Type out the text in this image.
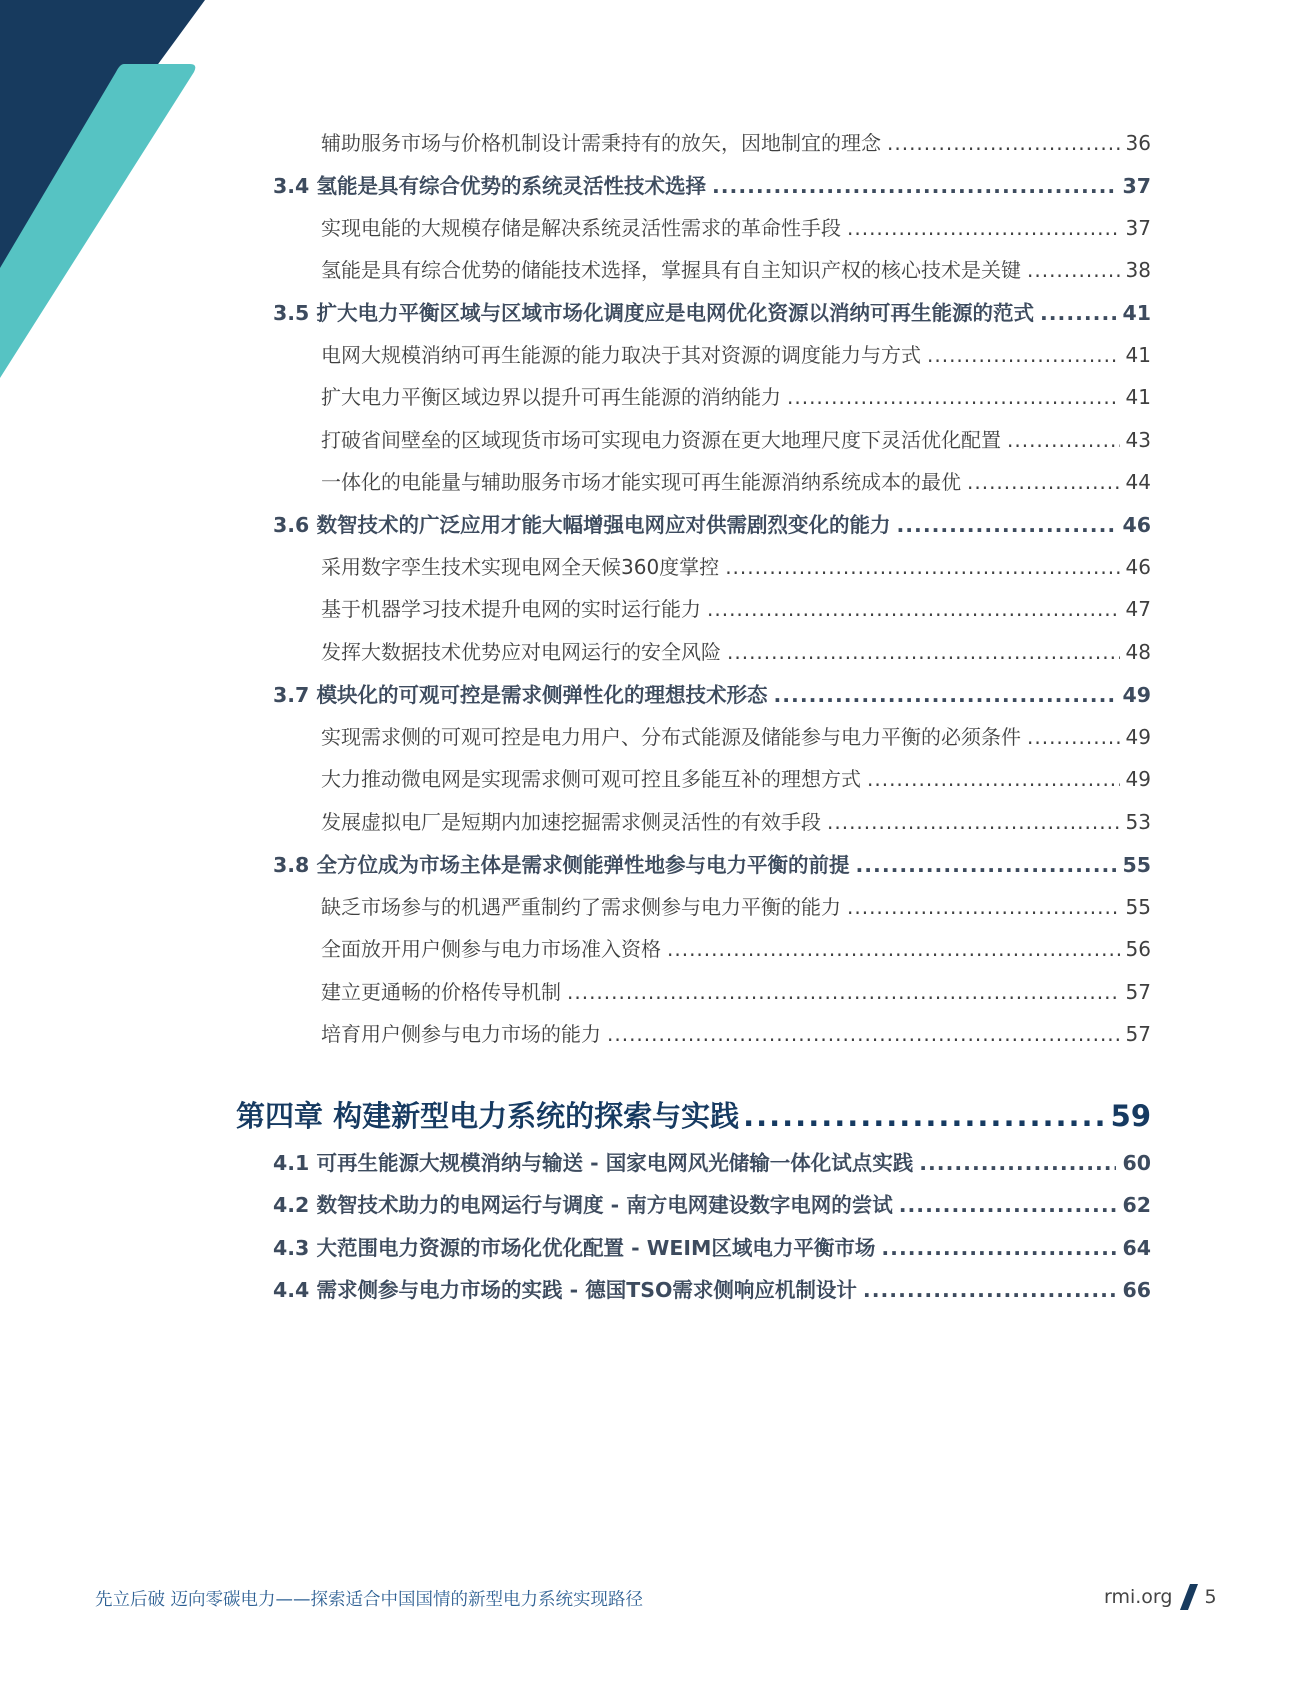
辅助服务市场与价格机制设计需秉持有的放矢，因地制宜的理念 .....	36
3.4 氢能是具有综合优势的系统灵活性技术选择 .....	37
实现电能的大规模存储是解决系统灵活性需求的革命性手段 .....	37
氢能是具有综合优势的储能技术选择，掌握具有自主知识产权的核心技术是关键 .....	38
3.5 扩大电力平衡区域与区域市场化调度应是电网优化资源以消纳可再生能源的范式 .....	41
电网大规模消纳可再生能源的能力取决于其对资源的调度能力与方式 .....	41
扩大电力平衡区域边界以提升可再生能源的消纳能力 .....	41
打破省间壁垒的区域现货市场可实现电力资源在更大地理尺度下灵活优化配置 .....	43
一体化的电能量与辅助服务市场才能实现可再生能源消纳系统成本的最优 .....	44
3.6 数智技术的广泛应用才能大幅增强电网应对供需剧烈变化的能力 .....	46
采用数字孪生技术实现电网全天候360度掌控 .....	46
基于机器学习技术提升电网的实时运行能力 .....	47
发挥大数据技术优势应对电网运行的安全风险 .....	48
3.7 模块化的可观可控是需求侧弹性化的理想技术形态 .....	49
实现需求侧的可观可控是电力用户、分布式能源及储能参与电力平衡的必须条件 .....	49
大力推动微电网是实现需求侧可观可控且多能互补的理想方式 .....	49
发展虚拟电厂是短期内加速挖掘需求侧灵活性的有效手段 .....	53
3.8 全方位成为市场主体是需求侧能弹性地参与电力平衡的前提 .....	55
缺乏市场参与的机遇严重制约了需求侧参与电力平衡的能力 .....	55
全面放开用户侧参与电力市场准入资格 .....	56
建立更通畅的价格传导机制 .....	57
培育用户侧参与电力市场的能力 .....	57
第四章 构建新型电力系统的探索与实践 .....	59
4.1 可再生能源大规模消纳与输送 - 国家电网风光储输一体化试点实践 .....	60
4.2 数智技术助力的电网运行与调度 - 南方电网建设数字电网的尝试 .....	62
4.3 大范围电力资源的市场化优化配置 - WEIM区域电力平衡市场 .....	64
4.4 需求侧参与电力市场的实践 - 德国TSO需求侧响应机制设计 .....	66
先立后破 迈向零碳电力——探索适合中国国情的新型电力系统实现路径	rmi.org 5
